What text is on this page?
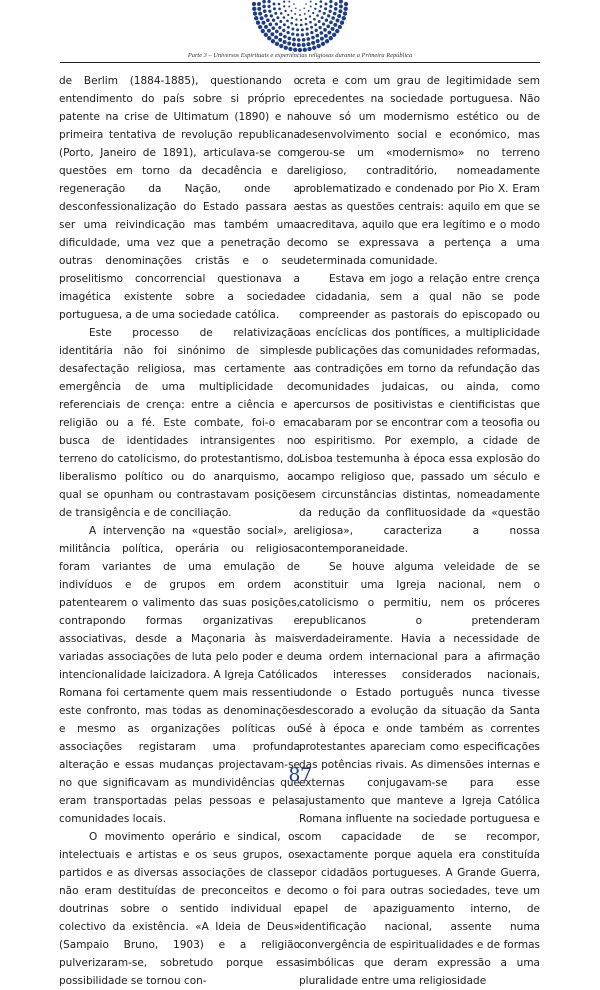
Parte 3 – Universos Espirituais e experiências religiosas durante a Primeira República

de Berlim (1884-1885), questionando o entendimento do país sobre si próprio e patente na crise de Ultimatum (1890) e na primeira tentativa de revolução republicana (Porto, Janeiro de 1891), articulava-se com questões em torno da decadência e da regeneração da Nação, onde a desconfessionalização do Estado passara a ser uma reivindicação mas também uma dificuldade, uma vez que a penetração de outras denominações cristãs e o seu proselitismo concorrencial questionava a imagética existente sobre a sociedade portuguesa, a de uma sociedade católica.

Este processo de relativização identitária não foi sinónimo de simples desafectação religiosa, mas certamente a emergência de uma multiplicidade de referenciais de crença: entre a ciência e a religião ou a fé. Este combate, foi-o em busca de identidades intransigentes no terreno do catolicismo, do protestantismo, do liberalismo político ou do anarquismo, ao qual se opunham ou contrastavam posições de transigência e de conciliação.

A intervenção na «questão social», a militância política, operária ou religiosa foram variantes de uma emulação de indivíduos e de grupos em ordem a patentearem o valimento das suas posições, contrapondo formas organizativas e associativas, desde a Maçonaria às mais variadas associações de luta pelo poder e de intencionalidade laicizadora. A Igreja Católica Romana foi certamente quem mais ressentiu este confronto, mas todas as denominações e mesmo as organizações políticas ou associações registaram uma profunda alteração e essas mudanças projectavam-se no que significavam as mundividências que eram transportadas pelas pessoas e pelas comunidades locais.

O movimento operário e sindical, os intelectuais e artistas e os seus grupos, os partidos e as diversas associações de classe não eram destituídas de preconceitos e de doutrinas sobre o sentido individual e colectivo da existência. «A Ideia de Deus» (Sampaio Bruno, 1903) e a religião pulverizaram-se, sobretudo porque essa possibilidade se tornou con-

creta e com um grau de legitimidade sem precedentes na sociedade portuguesa. Não houve só um modernismo estético ou de desenvolvimento social e económico, mas gerou-se um «modernismo» no terreno religioso, contraditório, nomeadamente problematizado e condenado por Pio X. Eram estas as questões centrais: aquilo em que se acreditava, aquilo que era legítimo e o modo como se expressava a pertença a uma determinada comunidade.

Estava em jogo a relação entre crença e cidadania, sem a qual não se pode compreender as pastorais do episcopado ou as encíclicas dos pontífices, a multiplicidade de publicações das comunidades reformadas, as contradições em torno da refundação das comunidades judaicas, ou ainda, como percursos de positivistas e cientificistas que acabaram por se encontrar com a teosofia ou o espiritismo. Por exemplo, a cidade de Lisboa testemunha à época essa explosão do campo religioso que, passado um século e em circunstâncias distintas, nomeadamente da redução da conflituosidade da «questão religiosa», caracteriza a nossa contemporaneidade.

Se houve alguma veleidade de se constituir uma Igreja nacional, nem o catolicismo o permitiu, nem os próceres republicanos o pretenderam verdadeiramente. Havia a necessidade de uma ordem internacional para a afirmação dos interesses considerados nacionais, donde o Estado português nunca tivesse descorado a evolução da situação da Santa Sé à época e onde também as correntes protestantes apareciam como especificações das potências rivais. As dimensões internas e externas conjugavam-se para esse ajustamento que manteve a Igreja Católica Romana influente na sociedade portuguesa e com capacidade de se recompor, exactamente porque aquela era constituída por cidadãos portugueses. A Grande Guerra, como o foi para outras sociedades, teve um papel de apaziguamento interno, de identificação nacional, assente numa convergência de espiritualidades e de formas simbólicas que deram expressão a uma pluralidade entre uma religiosidade

87
